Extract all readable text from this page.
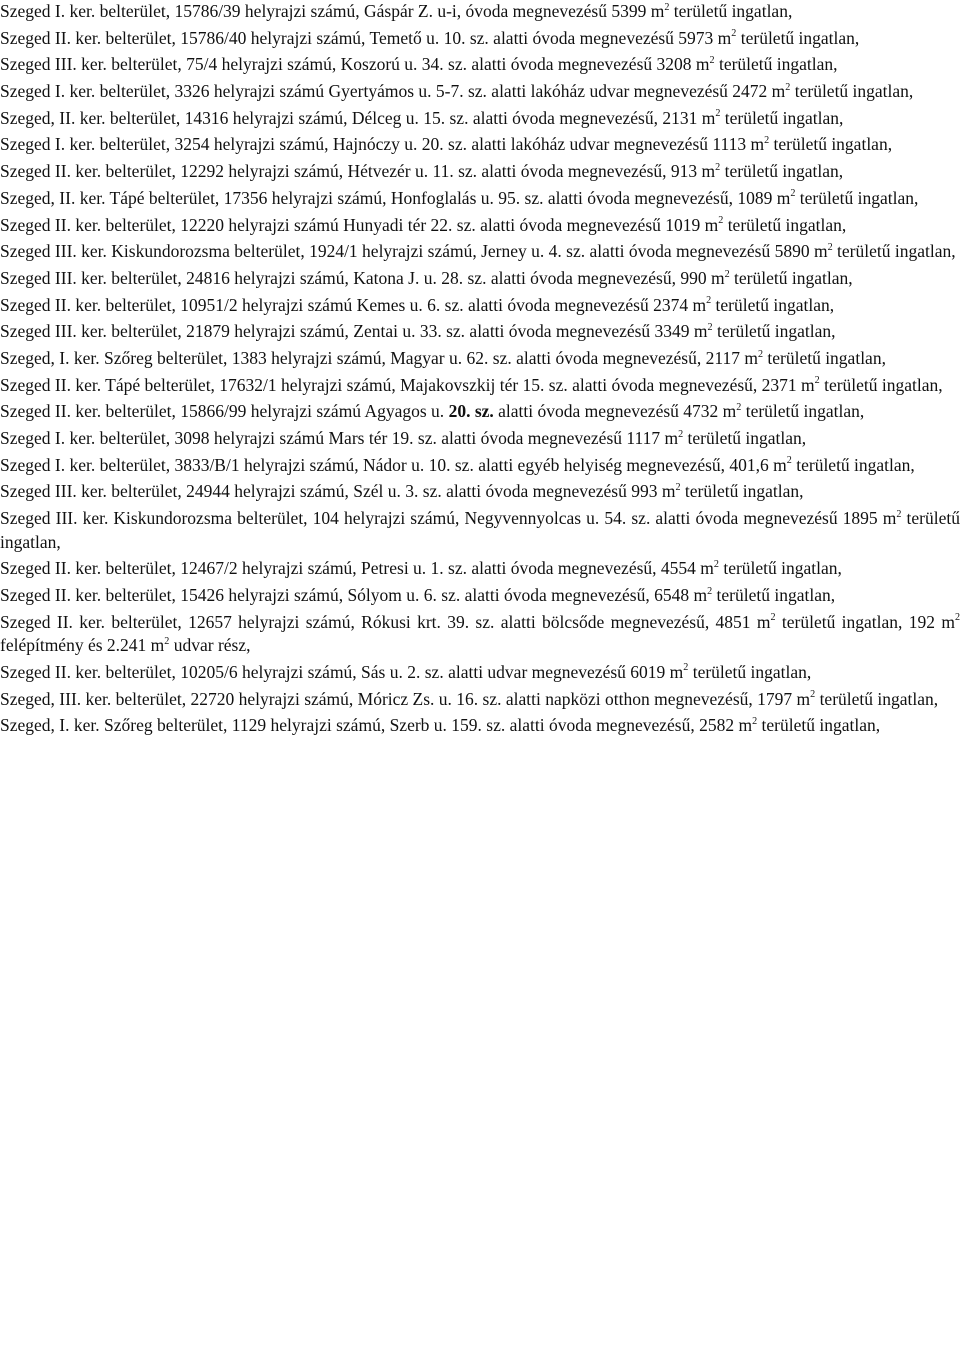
Szeged I. ker. belterület, 15786/39 helyrajzi számú, Gáspár Z. u-i, óvoda megnevezésű 5399 $m^2$ területű ingatlan,

Szeged II. ker. belterület, 15786/40 helyrajzi számú, Temető u. 10. sz. alatti óvoda megnevezésű 5973 $m^2$ területű ingatlan,

Szeged III. ker. belterület, 75/4 helyrajzi számú, Koszorú u. 34. sz. alatti óvoda megnevezésű 3208 $m^2$ területű ingatlan,

Szeged I. ker. belterület, 3326 helyrajzi számú Gyertyámos u. 5-7. sz. alatti lakóház udvar megnevezésű 2472 $m^2$ területű ingatlan,

Szeged, II. ker. belterület, 14316 helyrajzi számú, Délceg u. 15. sz. alatti óvoda megnevezésű, 2131 $m^2$ területű ingatlan,

Szeged I. ker. belterület, 3254 helyrajzi számú, Hajnóczy u. 20. sz. alatti lakóház udvar megnevezésű 1113 $m^2$ területű ingatlan,

Szeged II. ker. belterület, 12292 helyrajzi számú, Hétvezér u. 11. sz. alatti óvoda megnevezésű, 913 $m^2$ területű ingatlan,

Szeged, II. ker. Tápé belterület, 17356 helyrajzi számú, Honfoglalás u. 95. sz. alatti óvoda megnevezésű, 1089 $m^2$ területű ingatlan,

Szeged II. ker. belterület, 12220 helyrajzi számú Hunyadi tér 22. sz. alatti óvoda megnevezésű 1019 $m^2$ területű ingatlan,

Szeged III. ker. Kiskundorozsma belterület, 1924/1 helyrajzi számú, Jerney u. 4. sz. alatti óvoda megnevezésű 5890 $m^2$ területű ingatlan,

Szeged III. ker. belterület, 24816 helyrajzi számú, Katona J. u. 28. sz. alatti óvoda megnevezésű, 990 $m^2$ területű ingatlan,

Szeged II. ker. belterület, 10951/2 helyrajzi számú Kemes u. 6. sz. alatti óvoda megnevezésű 2374 $m^2$ területű ingatlan,

Szeged III. ker. belterület, 21879 helyrajzi számú, Zentai u. 33. sz. alatti óvoda megnevezésű 3349 $m^2$ területű ingatlan,

Szeged, I. ker. Szőreg belterület, 1383 helyrajzi számú, Magyar u. 62. sz. alatti óvoda megnevezésű, 2117 $m^2$ területű ingatlan,

Szeged II. ker. Tápé belterület, 17632/1 helyrajzi számú, Majakovszkij tér 15. sz. alatti óvoda megnevezésű, 2371 $m^2$ területű ingatlan,

Szeged II. ker. belterület, 15866/99 helyrajzi számú Agyagos u. 20. sz. alatti óvoda megnevezésű 4732 $m^2$ területű ingatlan,

Szeged I. ker. belterület, 3098 helyrajzi számú Mars tér 19. sz. alatti óvoda megnevezésű 1117 $m^2$ területű ingatlan,

Szeged I. ker. belterület, 3833/B/1 helyrajzi számú, Nádor u. 10. sz. alatti egyéb helyiség megnevezésű, 401,6 $m^2$ területű ingatlan,

Szeged III. ker. belterület, 24944 helyrajzi számú, Szél u. 3. sz. alatti óvoda megnevezésű 993 $m^2$ területű ingatlan,

Szeged III. ker. Kiskundorozsma belterület, 104 helyrajzi számú, Negyvennyolcas u. 54. sz. alatti óvoda megnevezésű 1895 $m^2$ területű ingatlan,

Szeged II. ker. belterület, 12467/2 helyrajzi számú, Petresi u. 1. sz. alatti óvoda megnevezésű, 4554 $m^2$ területű ingatlan,

Szeged II. ker. belterület, 15426 helyrajzi számú, Sólyom u. 6. sz. alatti óvoda megnevezésű, 6548 $m^2$ területű ingatlan,

Szeged II. ker. belterület, 12657 helyrajzi számú, Rókusi krt. 39. sz. alatti bölcsőde megnevezésű, 4851 $m^2$ területű ingatlan, 192 $m^2$ felépítmény és 2.241 $m^2$ udvar rész,

Szeged II. ker. belterület, 10205/6 helyrajzi számú, Sás u. 2. sz. alatti udvar megnevezésű 6019 $m^2$ területű ingatlan,

Szeged, III. ker. belterület, 22720 helyrajzi számú, Móricz Zs. u. 16. sz. alatti napközi otthon megnevezésű, 1797 $m^2$ területű ingatlan,

Szeged, I. ker. Szőreg belterület, 1129 helyrajzi számú, Szerb u. 159. sz. alatti óvoda megnevezésű, 2582 $m^2$ területű ingatlan,
